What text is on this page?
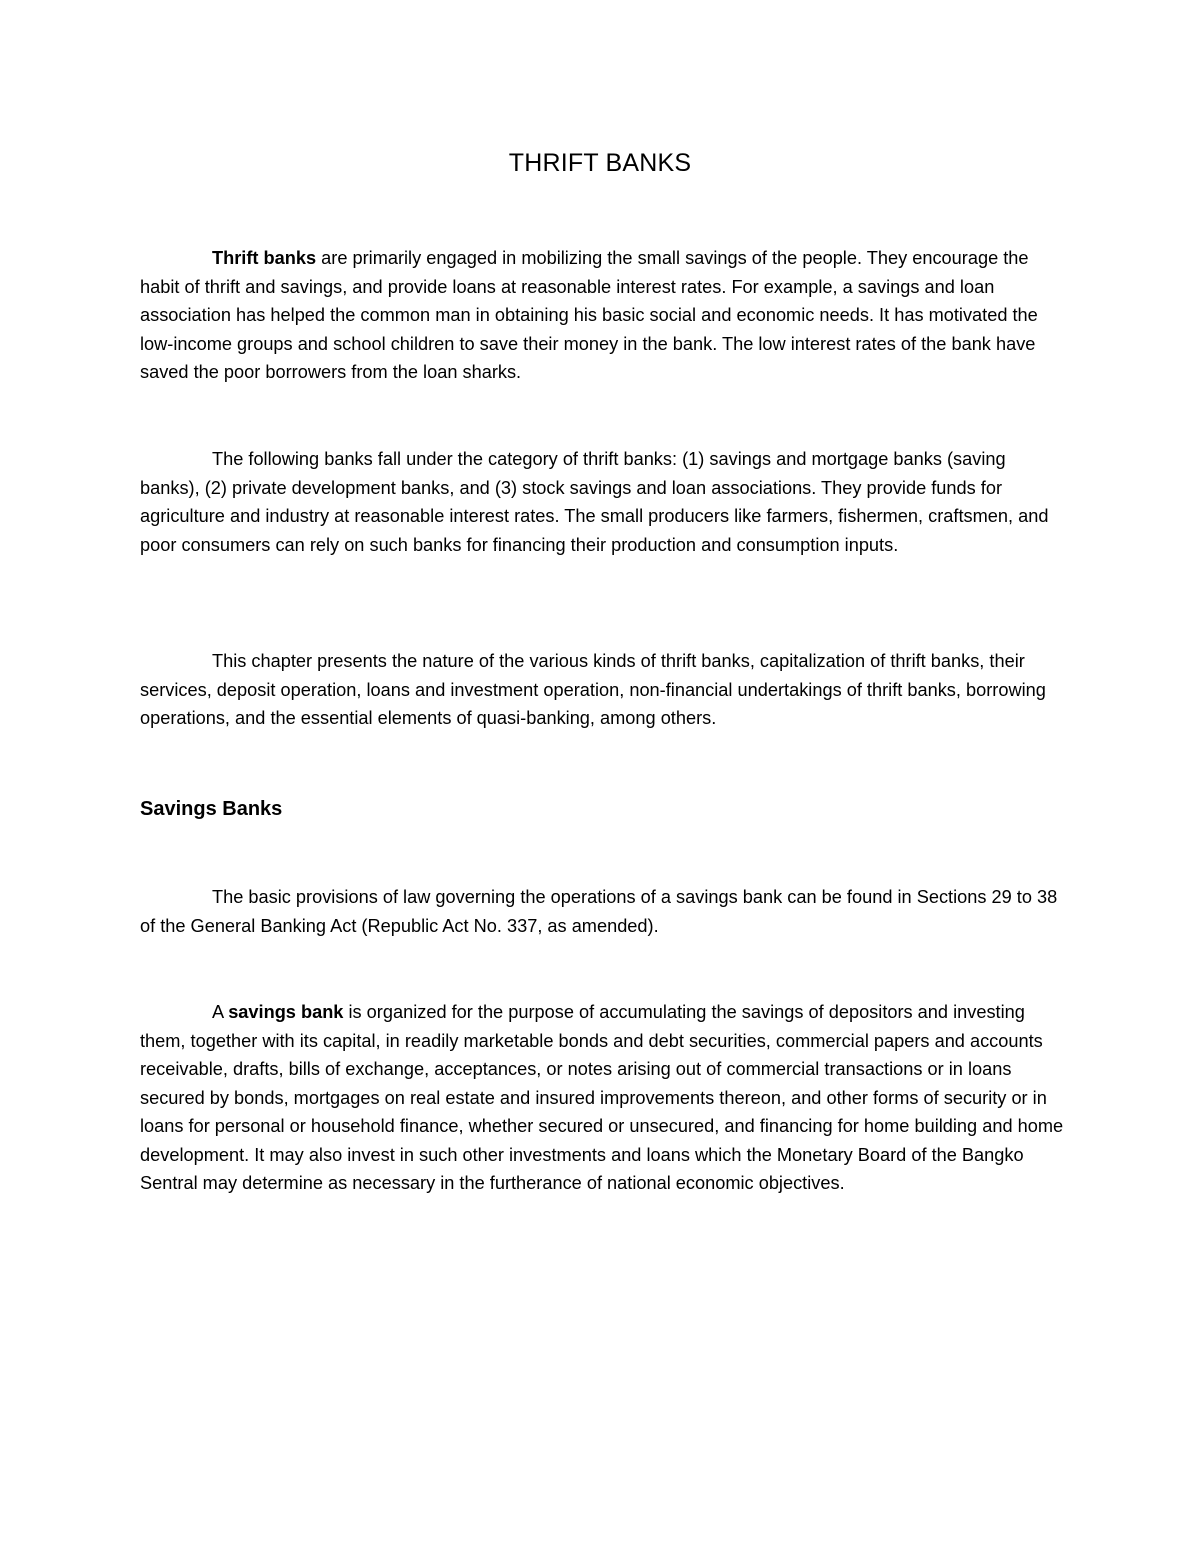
THRIFT BANKS

Thrift banks are primarily engaged in mobilizing the small savings of the people. They encourage the habit of thrift and savings, and provide loans at reasonable interest rates. For example, a savings and loan association has helped the common man in obtaining his basic social and economic needs. It has motivated the low-income groups and school children to save their money in the bank. The low interest rates of the bank have saved the poor borrowers from the loan sharks.

The following banks fall under the category of thrift banks: (1) savings and mortgage banks (saving banks), (2) private development banks, and (3) stock savings and loan associations. They provide funds for agriculture and industry at reasonable interest rates. The small producers like farmers, fishermen, craftsmen, and poor consumers can rely on such banks for financing their production and consumption inputs.

This chapter presents the nature of the various kinds of thrift banks, capitalization of thrift banks, their services, deposit operation, loans and investment operation, non-financial undertakings of thrift banks, borrowing operations, and the essential elements of quasi-banking, among others.

Savings Banks

The basic provisions of law governing the operations of a savings bank can be found in Sections 29 to 38 of the General Banking Act (Republic Act No. 337, as amended).

A savings bank is organized for the purpose of accumulating the savings of depositors and investing them, together with its capital, in readily marketable bonds and debt securities, commercial papers and accounts receivable, drafts, bills of exchange, acceptances, or notes arising out of commercial transactions or in loans secured by bonds, mortgages on real estate and insured improvements thereon, and other forms of security or in loans for personal or household finance, whether secured or unsecured, and financing for home building and home development. It may also invest in such other investments and loans which the Monetary Board of the Bangko Sentral may determine as necessary in the furtherance of national economic objectives.
